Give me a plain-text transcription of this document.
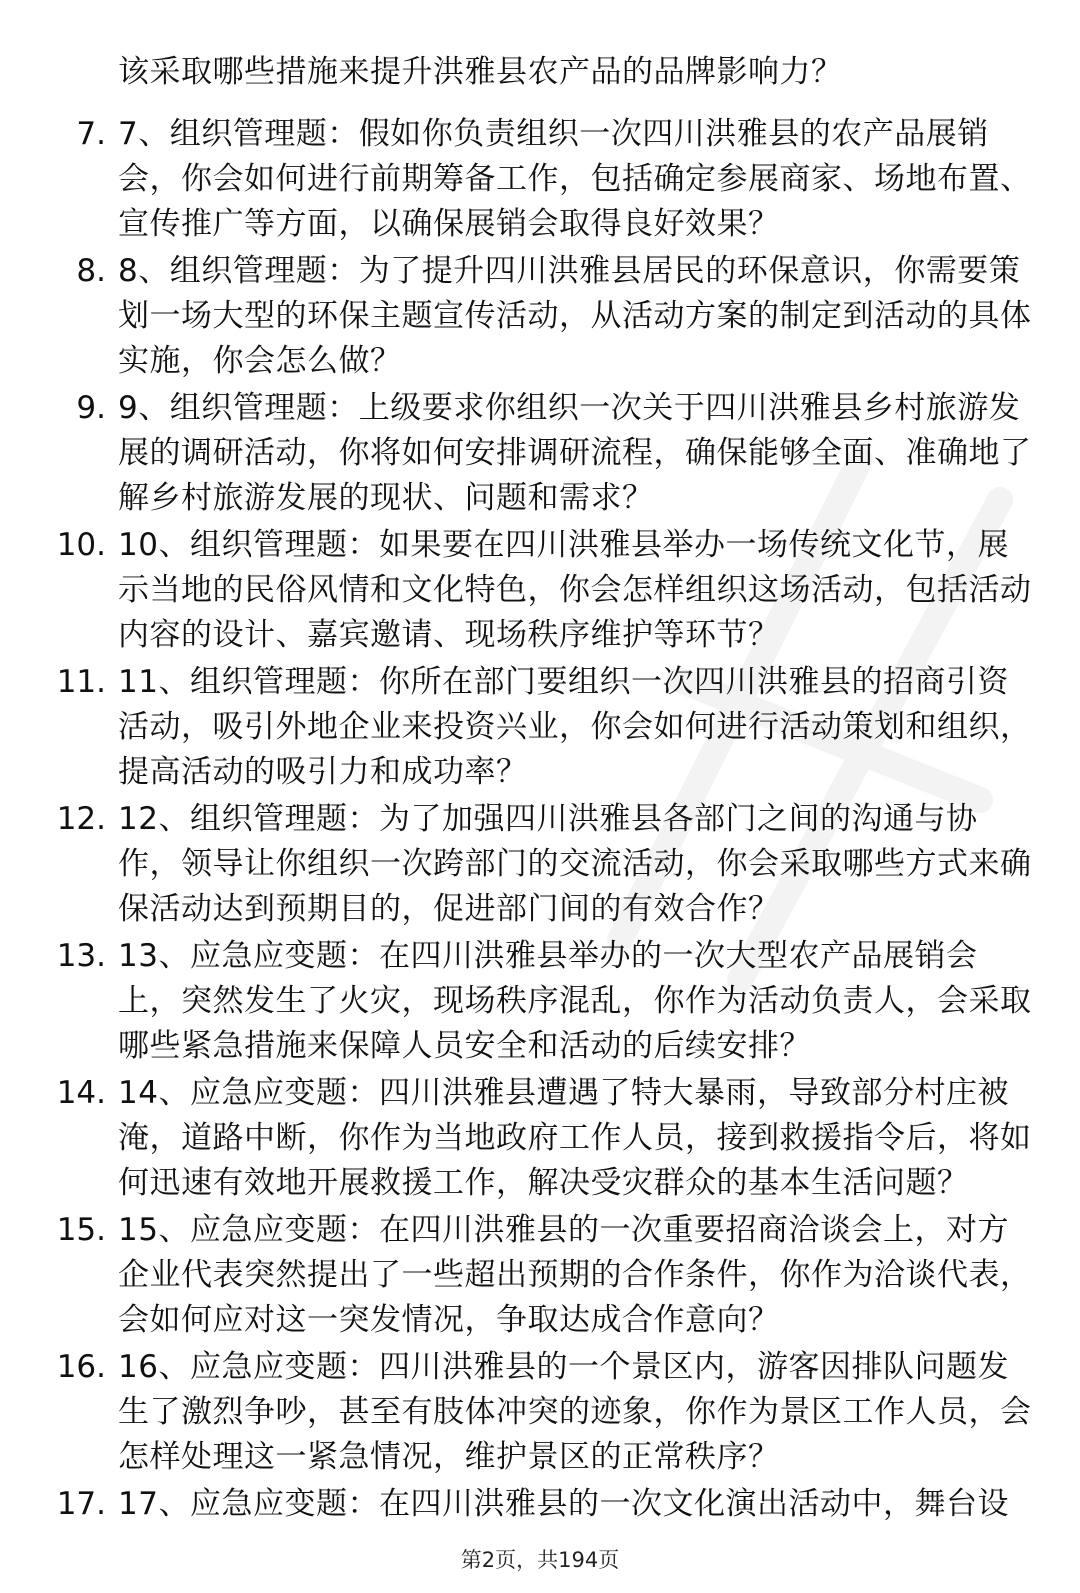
该采取哪些措施来提升洪雅县农产品的品牌影响力？
7. 7、组织管理题：假如你负责组织一次四川洪雅县的农产品展销会，你会如何进行前期筹备工作，包括确定参展商家、场地布置、宣传推广等方面，以确保展销会取得良好效果？
8. 8、组织管理题：为了提升四川洪雅县居民的环保意识，你需要策划一场大型的环保主题宣传活动，从活动方案的制定到活动的具体实施，你会怎么做？
9. 9、组织管理题：上级要求你组织一次关于四川洪雅县乡村旅游发展的调研活动，你将如何安排调研流程，确保能够全面、准确地了解乡村旅游发展的现状、问题和需求？
10. 10、组织管理题：如果要在四川洪雅县举办一场传统文化节，展示当地的民俗风情和文化特色，你会怎样组织这场活动，包括活动内容的设计、嘉宾邀请、现场秩序维护等环节？
11. 11、组织管理题：你所在部门要组织一次四川洪雅县的招商引资活动，吸引外地企业来投资兴业，你会如何进行活动策划和组织，提高活动的吸引力和成功率？
12. 12、组织管理题：为了加强四川洪雅县各部门之间的沟通与协作，领导让你组织一次跨部门的交流活动，你会采取哪些方式来确保活动达到预期目的，促进部门间的有效合作？
13. 13、应急应变题：在四川洪雅县举办的一次大型农产品展销会上，突然发生了火灾，现场秩序混乱，你作为活动负责人，会采取哪些紧急措施来保障人员安全和活动的后续安排？
14. 14、应急应变题：四川洪雅县遭遇了特大暴雨，导致部分村庄被淹，道路中断，你作为当地政府工作人员，接到救援指令后，将如何迅速有效地开展救援工作，解决受灾群众的基本生活问题？
15. 15、应急应变题：在四川洪雅县的一次重要招商洽谈会上，对方企业代表突然提出了一些超出预期的合作条件，你作为洽谈代表，会如何应对这一突发情况，争取达成合作意向？
16. 16、应急应变题：四川洪雅县的一个景区内，游客因排队问题发生了激烈争吵，甚至有肢体冲突的迹象，你作为景区工作人员，会怎样处理这一紧急情况，维护景区的正常秩序？
17. 17、应急应变题：在四川洪雅县的一次文化演出活动中，舞台设
第2页，共194页
